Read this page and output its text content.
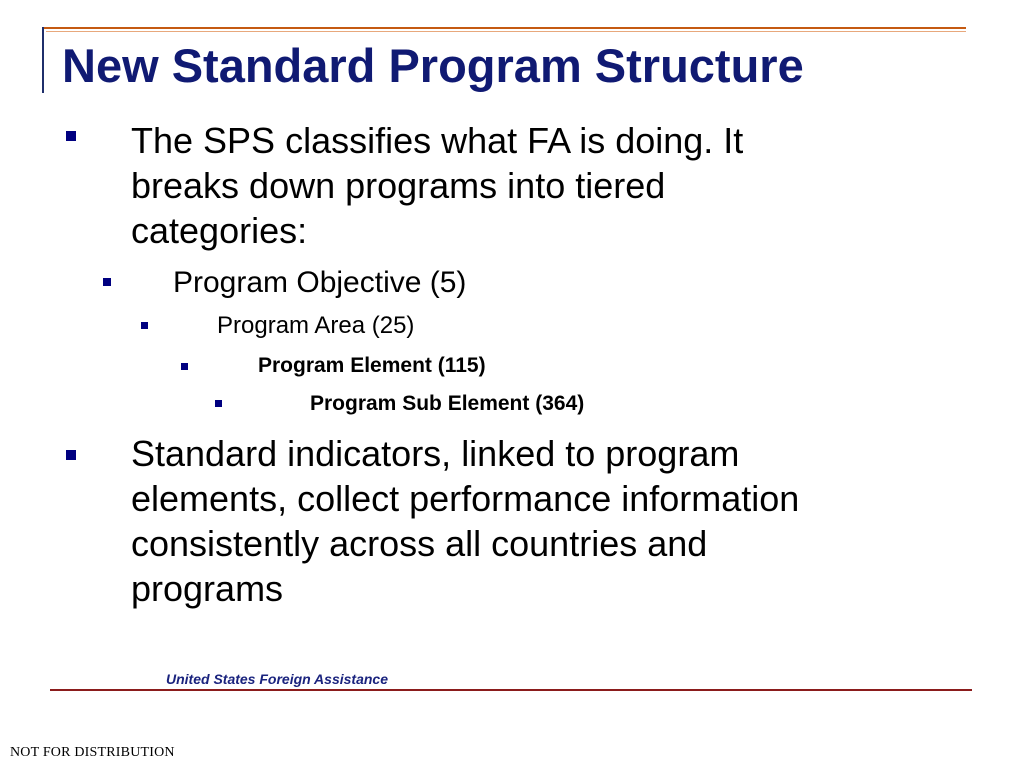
New Standard Program Structure

The SPS classifies what FA is doing. It

breaks down programs into tiered

categories:

Program Objective (5)

Program Area (25)

Program Element (115)

Program Sub Element (364)

Standard indicators, linked to program

elements, collect performance information

consistently across all countries and

programs

United States Foreign Assistance
NOT FOR DISTRIBUTION
